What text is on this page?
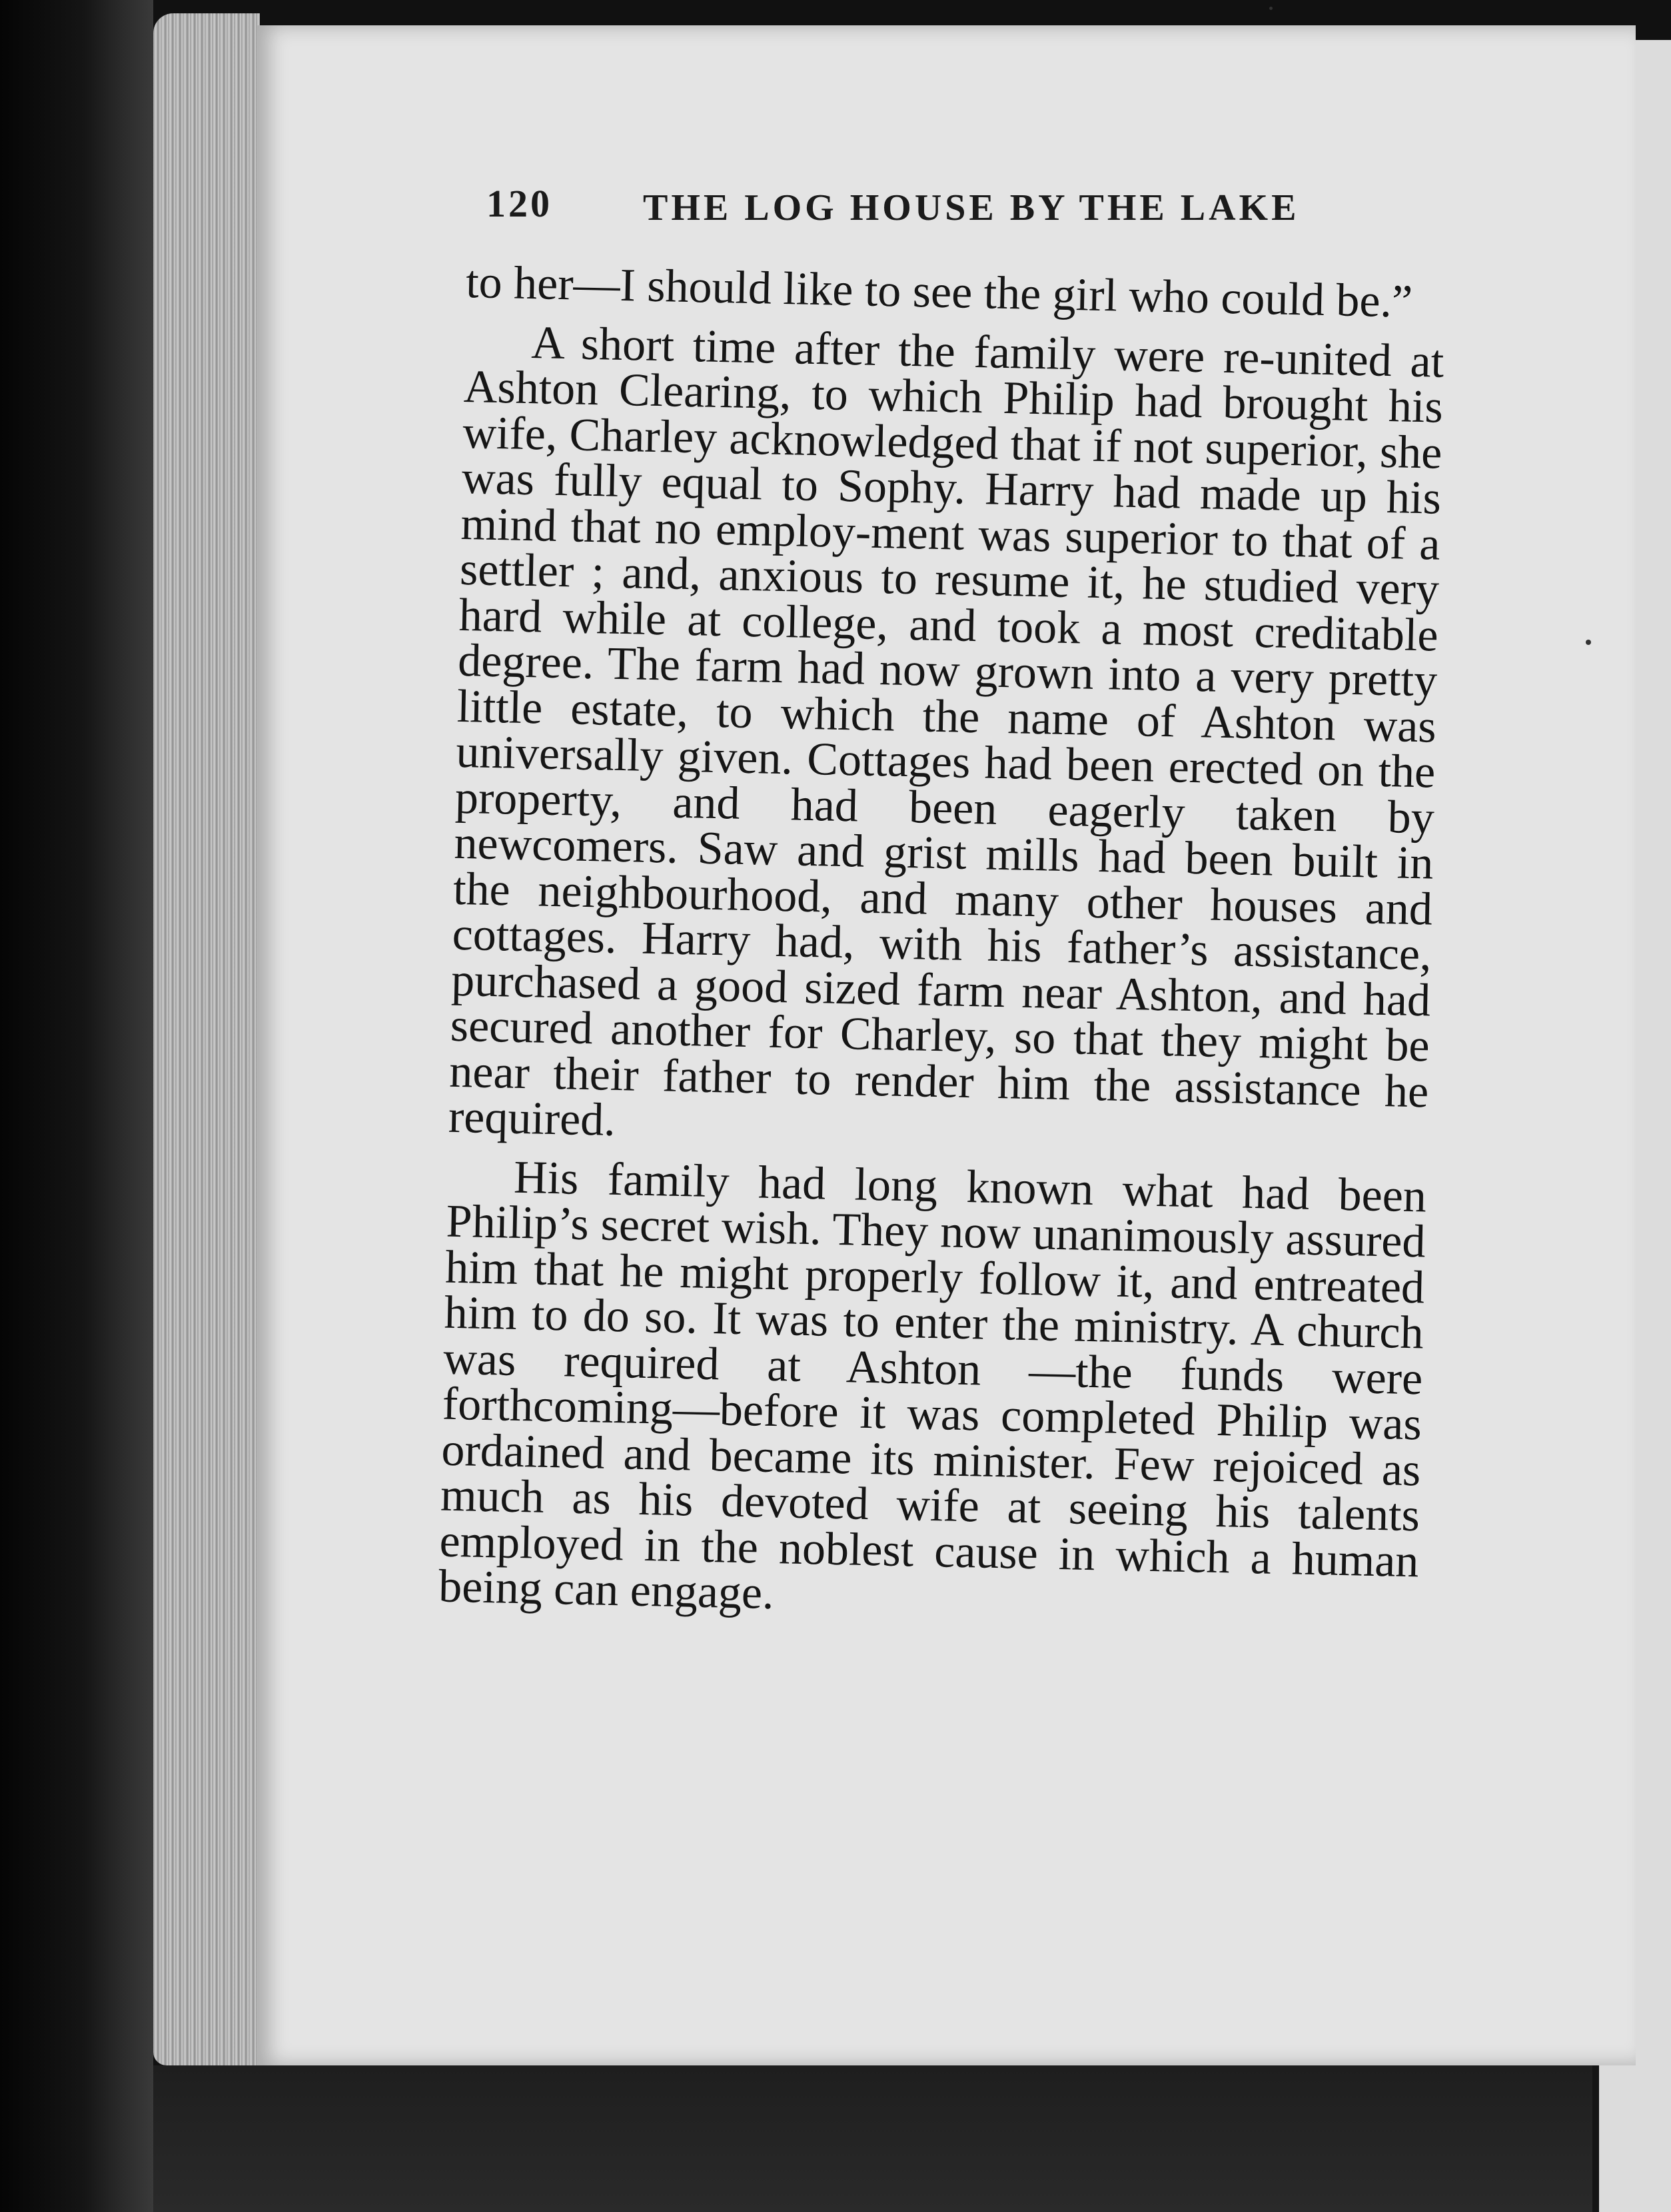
120 THE LOG HOUSE BY THE LAKE

to her—I should like to see the girl who could be.”

A short time after the family were re-united at Ashton Clearing, to which Philip had brought his wife, Charley acknowledged that if not superior, she was fully equal to Sophy. Harry had made up his mind that no employ-ment was superior to that of a settler ; and, anxious to resume it, he studied very hard while at college, and took a most creditable degree. The farm had now grown into a very pretty little estate, to which the name of Ashton was universally given. Cottages had been erected on the property, and had been eagerly taken by newcomers. Saw and grist mills had been built in the neighbourhood, and many other houses and cottages. Harry had, with his father’s assistance, purchased a good sized farm near Ashton, and had secured another for Charley, so that they might be near their father to render him the assistance he required.

His family had long known what had been Philip’s secret wish. They now unanimously assured him that he might properly follow it, and entreated him to do so. It was to enter the ministry. A church was required at Ashton —the funds were forthcoming—before it was completed Philip was ordained and became its minister. Few rejoiced as much as his devoted wife at seeing his talents employed in the noblest cause in which a human being can engage.
